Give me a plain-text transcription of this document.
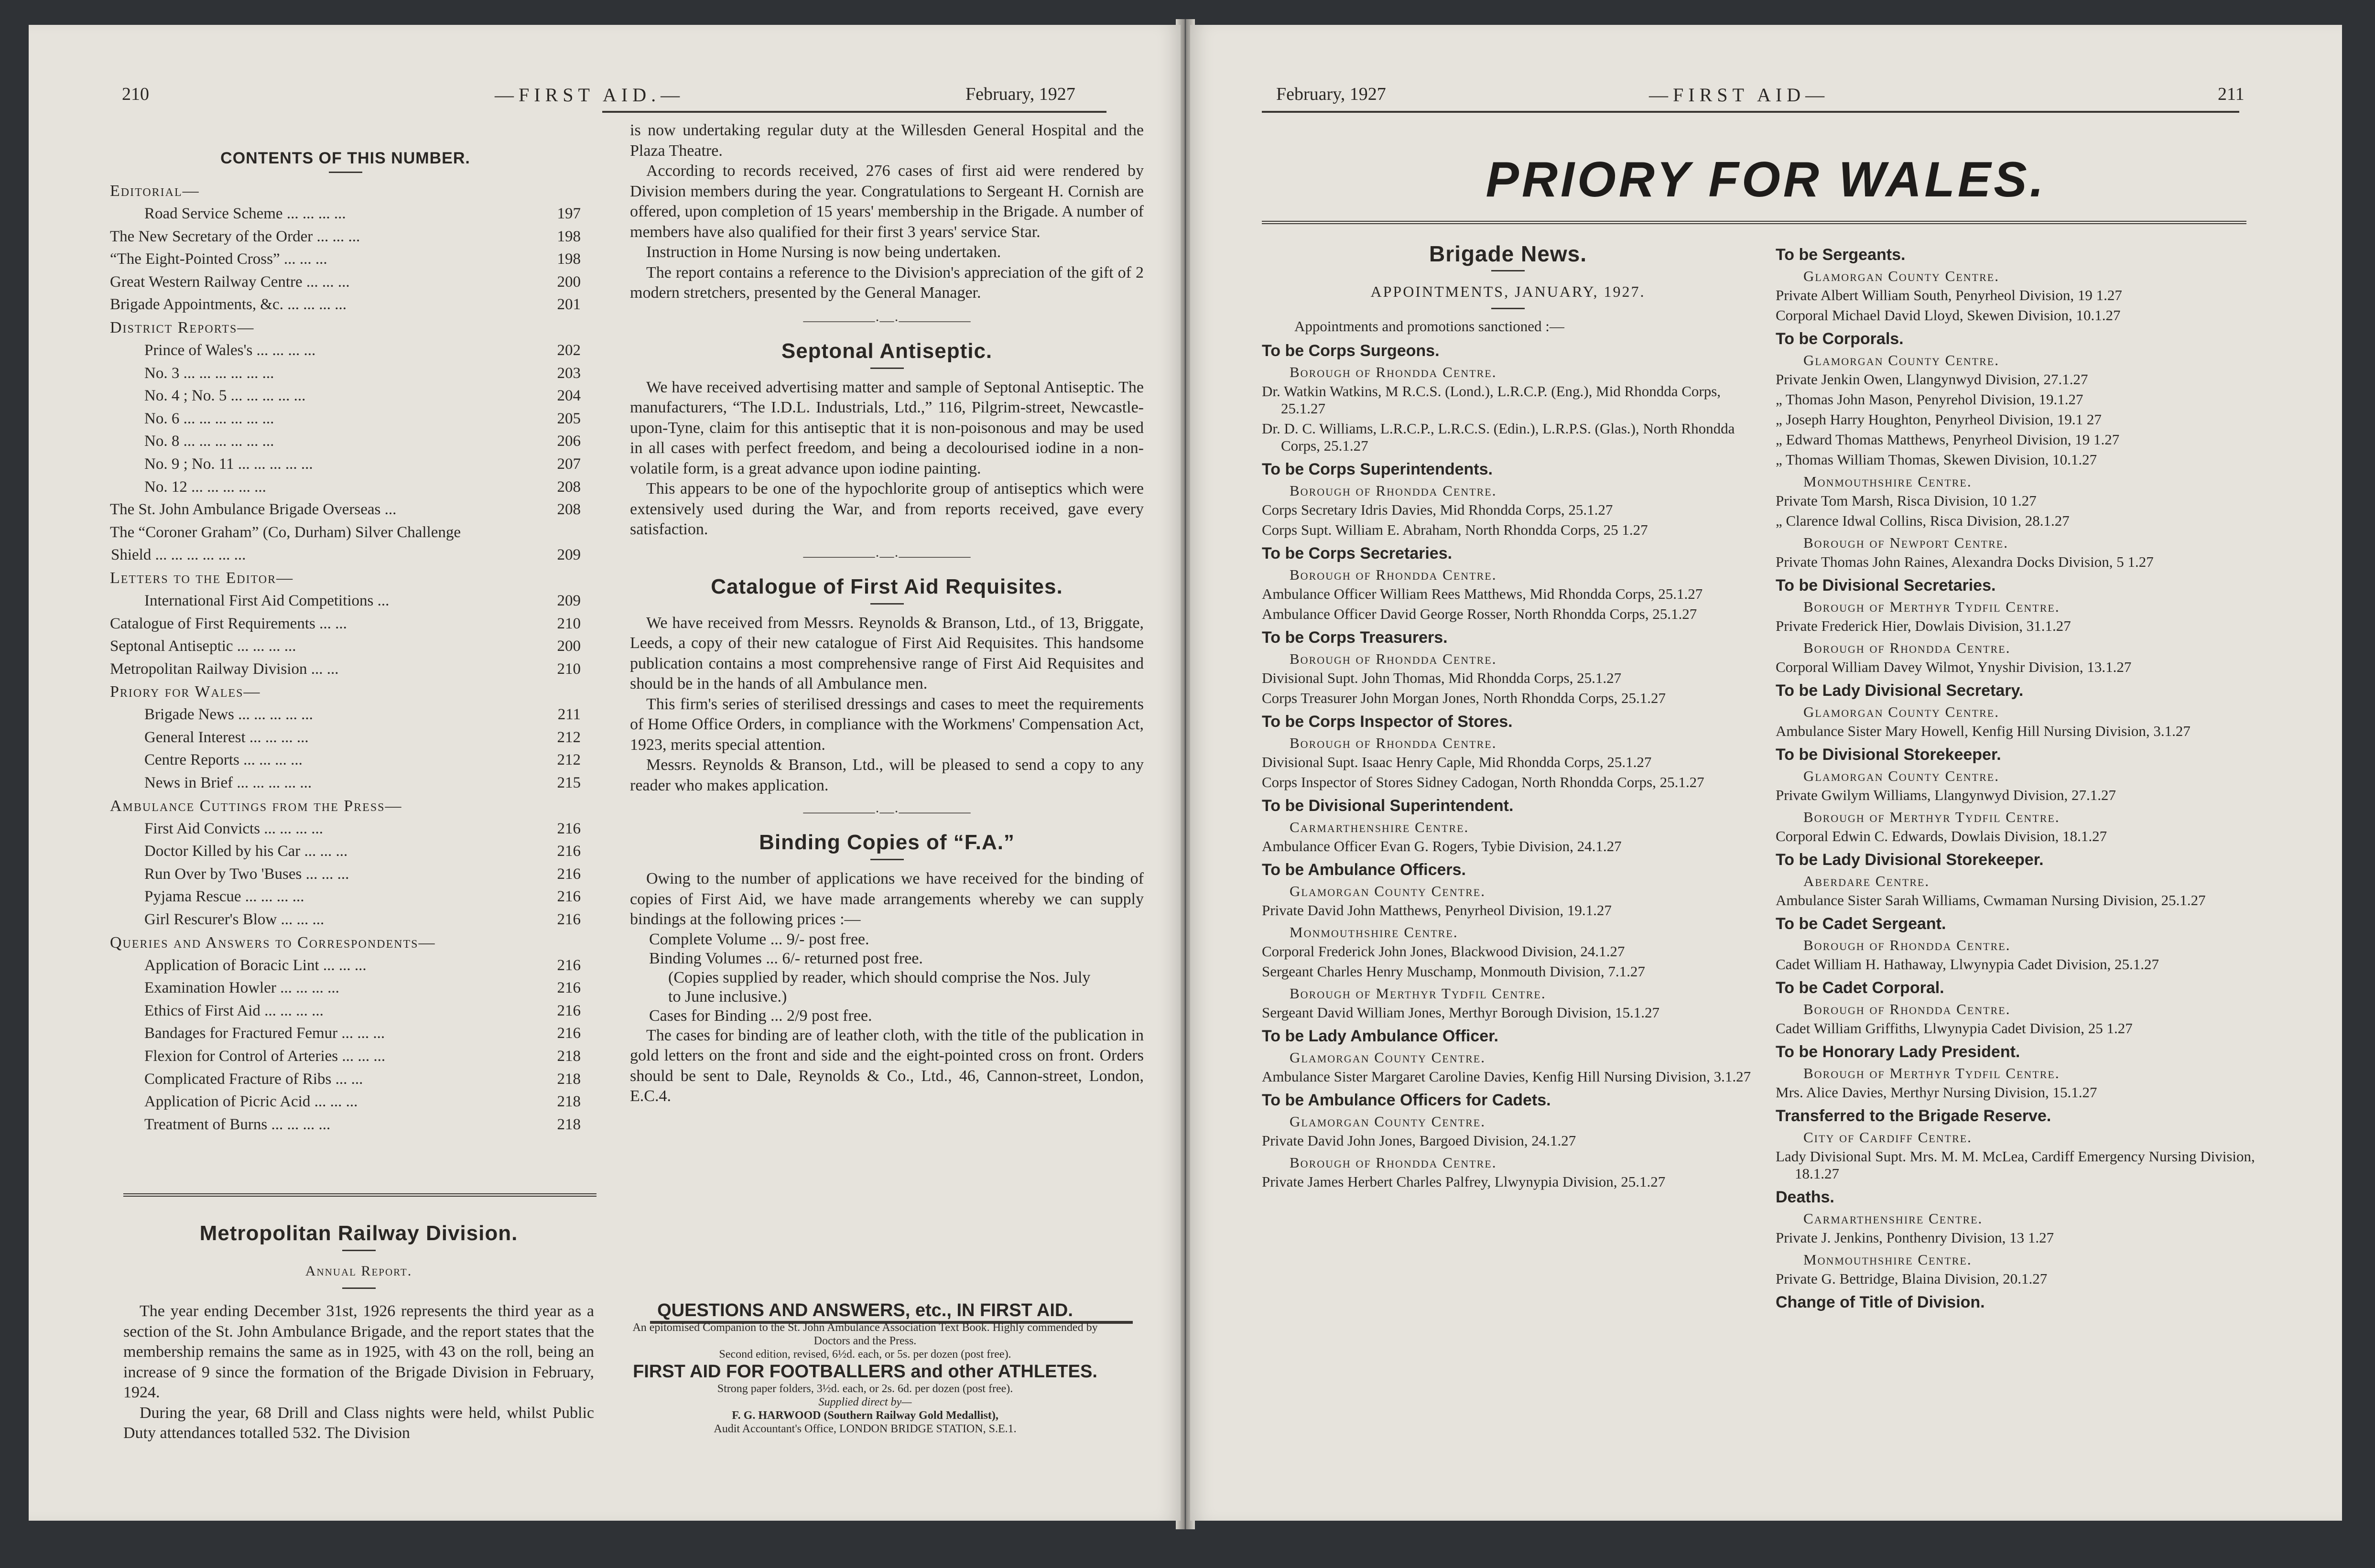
210	—FIRST AID.—	February, 1927
CONTENTS OF THIS NUMBER.
Editorial—
Road Service Scheme ... ... ... ...	197
The New Secretary of the Order ... ... ...	198
“The Eight-Pointed Cross” ... ... ...	198
Great Western Railway Centre ... ... ...	200
Brigade Appointments, &c. ... ... ... ...	201
District Reports—
Prince of Wales's ... ... ... ...	202
No. 3 ... ... ... ... ... ...	203
No. 4 ; No. 5 ... ... ... ... ...	204
No. 6 ... ... ... ... ... ...	205
No. 8 ... ... ... ... ... ...	206
No. 9 ; No. 11 ... ... ... ... ...	207
No. 12 ... ... ... ... ...	208
The St. John Ambulance Brigade Overseas ...	208
The “Coroner Graham” (Co, Durham) Silver Challenge
Shield ... ... ... ... ... ...	209
Letters to the Editor—
International First Aid Competitions ...	209
Catalogue of First Requirements ... ...	210
Septonal Antiseptic ... ... ... ...	200
Metropolitan Railway Division ... ...	210
Priory for Wales—
Brigade News ... ... ... ... ...	211
General Interest ... ... ... ...	212
Centre Reports ... ... ... ...	212
News in Brief ... ... ... ... ...	215
Ambulance Cuttings from the Press—
First Aid Convicts ... ... ... ...	216
Doctor Killed by his Car ... ... ...	216
Run Over by Two 'Buses ... ... ...	216
Pyjama Rescue ... ... ... ...	216
Girl Rescurer's Blow ... ... ...	216
Queries and Answers to Correspondents—
Application of Boracic Lint ... ... ...	216
Examination Howler ... ... ... ...	216
Ethics of First Aid ... ... ... ...	216
Bandages for Fractured Femur ... ... ...	216
Flexion for Control of Arteries ... ... ...	218
Complicated Fracture of Ribs ... ...	218
Application of Picric Acid ... ... ...	218
Treatment of Burns ... ... ... ...	218
Metropolitan Railway Division.
Annual Report.

The year ending December 31st, 1926 represents the third year as a section of the St. John Ambulance Brigade, and the report states that the membership remains the same as in 1925, with 43 on the roll, being an increase of 9 since the formation of the Brigade Division in February, 1924.

During the year, 68 Drill and Class nights were held, whilst Public Duty attendances totalled 532. The Division

is now undertaking regular duty at the Willesden General Hospital and the Plaza Theatre.

According to records received, 276 cases of first aid were rendered by Division members during the year. Congratulations to Sergeant H. Cornish are offered, upon completion of 15 years' membership in the Brigade. A number of members have also qualified for their first 3 years' service Star.

Instruction in Home Nursing is now being undertaken.

The report contains a reference to the Division's appreciation of the gift of 2 modern stretchers, presented by the General Manager.

—————·—·—————
Septonal Antiseptic.

We have received advertising matter and sample of Septonal Antiseptic. The manufacturers, “The I.D.L. Industrials, Ltd.,” 116, Pilgrim-street, Newcastle-upon-Tyne, claim for this antiseptic that it is non-poisonous and may be used in all cases with perfect freedom, and being a decolourised iodine in a non-volatile form, is a great advance upon iodine painting.

This appears to be one of the hypochlorite group of antiseptics which were extensively used during the War, and from reports received, gave every satisfaction.

—————·—·—————
Catalogue of First Aid Requisites.

We have received from Messrs. Reynolds & Branson, Ltd., of 13, Briggate, Leeds, a copy of their new catalogue of First Aid Requisites. This handsome publication contains a most comprehensive range of First Aid Requisites and should be in the hands of all Ambulance men.

This firm's series of sterilised dressings and cases to meet the requirements of Home Office Orders, in compliance with the Workmens' Compensation Act, 1923, merits special attention.

Messrs. Reynolds & Branson, Ltd., will be pleased to send a copy to any reader who makes application.

—————·—·—————
Binding Copies of “F.A.”

Owing to the number of applications we have received for the binding of copies of First Aid, we have made arrangements whereby we can supply bindings at the following prices :—

Complete Volume ... 9/- post free.
Binding Volumes ... 6/- returned post free.
(Copies supplied by reader, which should comprise the Nos. July to June inclusive.)
Cases for Binding ... 2/9 post free.

The cases for binding are of leather cloth, with the title of the publication in gold letters on the front and side and the eight-pointed cross on front. Orders should be sent to Dale, Reynolds & Co., Ltd., 46, Cannon-street, London, E.C.4.

QUESTIONS AND ANSWERS, etc., IN FIRST AID.
An epitomised Companion to the St. John Ambulance Association Text Book. Highly commended by Doctors and the Press.
Second edition, revised, 6½d. each, or 5s. per dozen (post free).
FIRST AID FOR FOOTBALLERS and other ATHLETES.
Strong paper folders, 3½d. each, or 2s. 6d. per dozen (post free).
Supplied direct by—
F. G. HARWOOD (Southern Railway Gold Medallist),
Audit Accountant's Office, LONDON BRIDGE STATION, S.E.1.
February, 1927	—FIRST AID—	211
PRIORY FOR WALES.
Brigade News.
APPOINTMENTS, JANUARY, 1927.
Appointments and promotions sanctioned :—
To be Corps Surgeons.
Borough of Rhondda Centre.
Dr. Watkin Watkins, M R.C.S. (Lond.), L.R.C.P. (Eng.), Mid Rhondda Corps, 25.1.27
Dr. D. C. Williams, L.R.C.P., L.R.C.S. (Edin.), L.R.P.S. (Glas.), North Rhondda Corps, 25.1.27
To be Corps Superintendents.
Borough of Rhondda Centre.
Corps Secretary Idris Davies, Mid Rhondda Corps, 25.1.27
Corps Supt. William E. Abraham, North Rhondda Corps, 25 1.27
To be Corps Secretaries.
Borough of Rhondda Centre.
Ambulance Officer William Rees Matthews, Mid Rhondda Corps, 25.1.27
Ambulance Officer David George Rosser, North Rhondda Corps, 25.1.27
To be Corps Treasurers.
Borough of Rhondda Centre.
Divisional Supt. John Thomas, Mid Rhondda Corps, 25.1.27
Corps Treasurer John Morgan Jones, North Rhondda Corps, 25.1.27
To be Corps Inspector of Stores.
Borough of Rhondda Centre.
Divisional Supt. Isaac Henry Caple, Mid Rhondda Corps, 25.1.27
Corps Inspector of Stores Sidney Cadogan, North Rhondda Corps, 25.1.27
To be Divisional Superintendent.
Carmarthenshire Centre.
Ambulance Officer Evan G. Rogers, Tybie Division, 24.1.27
To be Ambulance Officers.
Glamorgan County Centre.
Private David John Matthews, Penyrheol Division, 19.1.27
Monmouthshire Centre.
Corporal Frederick John Jones, Blackwood Division, 24.1.27
Sergeant Charles Henry Muschamp, Monmouth Division, 7.1.27
Borough of Merthyr Tydfil Centre.
Sergeant David William Jones, Merthyr Borough Division, 15.1.27
To be Lady Ambulance Officer.
Glamorgan County Centre.
Ambulance Sister Margaret Caroline Davies, Kenfig Hill Nursing Division, 3.1.27
To be Ambulance Officers for Cadets.
Glamorgan County Centre.
Private David John Jones, Bargoed Division, 24.1.27
Borough of Rhondda Centre.
Private James Herbert Charles Palfrey, Llwynypia Division, 25.1.27
To be Sergeants.
Glamorgan County Centre.
Private Albert William South, Penyrheol Division, 19 1.27
Corporal Michael David Lloyd, Skewen Division, 10.1.27
To be Corporals.
Glamorgan County Centre.
Private Jenkin Owen, Llangynwyd Division, 27.1.27
„ Thomas John Mason, Penyrehol Division, 19.1.27
„ Joseph Harry Houghton, Penyrheol Division, 19.1 27
„ Edward Thomas Matthews, Penyrheol Division, 19 1.27
„ Thomas William Thomas, Skewen Division, 10.1.27
Monmouthshire Centre.
Private Tom Marsh, Risca Division, 10 1.27
„ Clarence Idwal Collins, Risca Division, 28.1.27
Borough of Newport Centre.
Private Thomas John Raines, Alexandra Docks Division, 5 1.27
To be Divisional Secretaries.
Borough of Merthyr Tydfil Centre.
Private Frederick Hier, Dowlais Division, 31.1.27
Borough of Rhondda Centre.
Corporal William Davey Wilmot, Ynyshir Division, 13.1.27
To be Lady Divisional Secretary.
Glamorgan County Centre.
Ambulance Sister Mary Howell, Kenfig Hill Nursing Division, 3.1.27
To be Divisional Storekeeper.
Glamorgan County Centre.
Private Gwilym Williams, Llangynwyd Division, 27.1.27
Borough of Merthyr Tydfil Centre.
Corporal Edwin C. Edwards, Dowlais Division, 18.1.27
To be Lady Divisional Storekeeper.
Aberdare Centre.
Ambulance Sister Sarah Williams, Cwmaman Nursing Division, 25.1.27
To be Cadet Sergeant.
Borough of Rhondda Centre.
Cadet William H. Hathaway, Llwynypia Cadet Division, 25.1.27
To be Cadet Corporal.
Borough of Rhondda Centre.
Cadet William Griffiths, Llwynypia Cadet Division, 25 1.27
To be Honorary Lady President.
Borough of Merthyr Tydfil Centre.
Mrs. Alice Davies, Merthyr Nursing Division, 15.1.27
Transferred to the Brigade Reserve.
City of Cardiff Centre.
Lady Divisional Supt. Mrs. M. M. McLea, Cardiff Emergency Nursing Division, 18.1.27
Deaths.
Carmarthenshire Centre.
Private J. Jenkins, Ponthenry Division, 13 1.27
Monmouthshire Centre.
Private G. Bettridge, Blaina Division, 20.1.27
Change of Title of Division.
